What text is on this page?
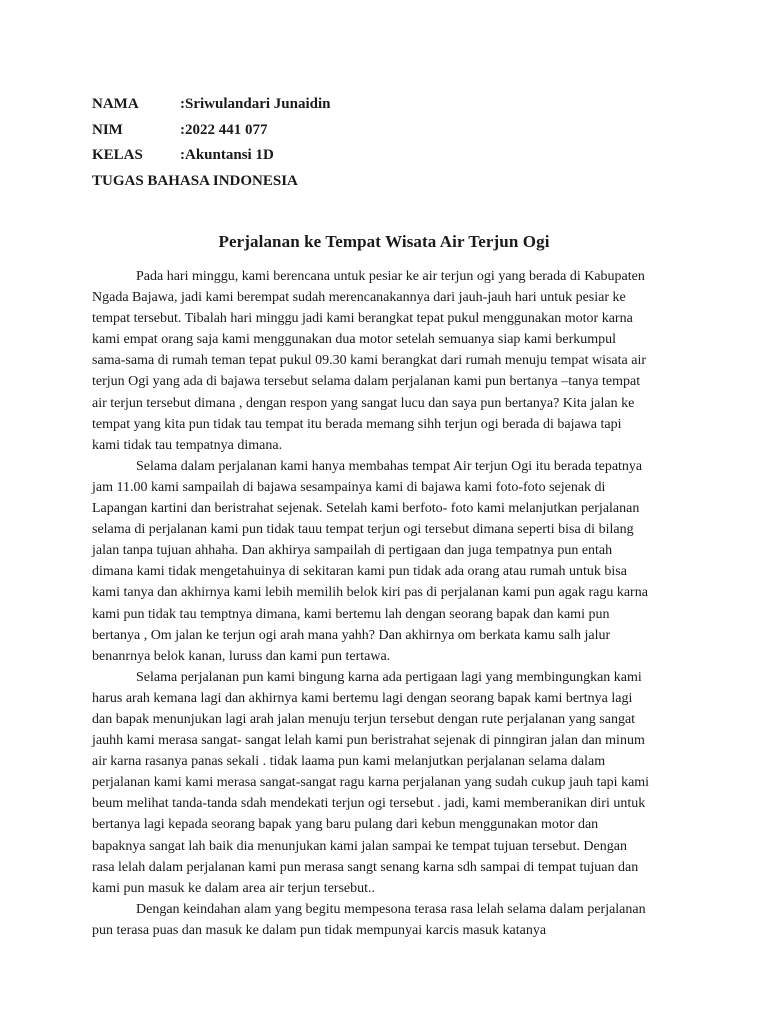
NAMA	:Sriwulandari Junaidin
NIM	:2022 441 077
KELAS :Akuntansi 1D
TUGAS BAHASA INDONESIA
Perjalanan ke Tempat Wisata Air Terjun Ogi

Pada hari minggu, kami berencana untuk pesiar ke air terjun ogi yang berada di Kabupaten Ngada Bajawa, jadi kami berempat sudah merencanakannya dari jauh-jauh hari untuk pesiar ke tempat tersebut. Tibalah hari minggu jadi kami berangkat tepat pukul menggunakan motor karna kami empat orang saja kami menggunakan dua motor setelah semuanya siap kami berkumpul sama-sama di rumah teman tepat pukul 09.30 kami berangkat dari rumah menuju tempat wisata air terjun Ogi yang ada di bajawa tersebut selama dalam perjalanan kami pun bertanya –tanya tempat air terjun tersebut dimana , dengan respon yang sangat lucu dan saya pun bertanya? Kita jalan ke tempat yang kita pun tidak tau tempat itu berada memang sihh terjun ogi berada di bajawa tapi kami tidak tau tempatnya dimana.

Selama dalam perjalanan kami hanya membahas tempat Air terjun Ogi itu berada tepatnya jam 11.00 kami sampailah di bajawa sesampainya kami di bajawa kami foto-foto sejenak di Lapangan kartini dan beristrahat sejenak. Setelah kami berfoto- foto kami melanjutkan perjalanan selama di perjalanan kami pun tidak tauu tempat terjun ogi tersebut dimana seperti bisa di bilang jalan tanpa tujuan ahhaha. Dan akhirya sampailah di pertigaan dan juga tempatnya pun entah dimana kami tidak mengetahuinya di sekitaran kami pun tidak ada orang atau rumah untuk bisa kami tanya dan akhirnya kami lebih memilih belok kiri pas di perjalanan kami pun agak ragu karna kami pun tidak tau temptnya dimana, kami bertemu lah dengan seorang bapak dan kami pun bertanya , Om jalan ke terjun ogi arah mana yahh? Dan akhirnya om berkata kamu salh jalur benanrnya belok kanan, luruss dan kami pun tertawa.

Selama perjalanan pun kami bingung karna ada pertigaan lagi yang membingungkan kami harus arah kemana lagi dan akhirnya kami bertemu lagi dengan seorang bapak kami bertnya lagi dan bapak menunjukan lagi arah jalan menuju terjun tersebut dengan rute perjalanan yang sangat jauhh kami merasa sangat- sangat lelah kami pun beristrahat sejenak di pinngiran jalan dan minum air karna rasanya panas sekali . tidak laama pun kami melanjutkan perjalanan selama dalam perjalanan kami kami merasa sangat-sangat ragu karna perjalanan yang sudah cukup jauh tapi kami beum melihat tanda-tanda sdah mendekati terjun ogi tersebut . jadi, kami memberanikan diri untuk bertanya lagi kepada seorang bapak yang baru pulang dari kebun menggunakan motor dan bapaknya sangat lah baik dia menunjukan kami jalan sampai ke tempat tujuan tersebut. Dengan rasa lelah dalam perjalanan kami pun merasa sangt senang karna sdh sampai di tempat tujuan dan kami pun masuk ke dalam area air terjun tersebut..

Dengan keindahan alam yang begitu mempesona terasa rasa lelah selama dalam perjalanan pun terasa puas dan masuk ke dalam pun tidak mempunyai karcis masuk katanya
